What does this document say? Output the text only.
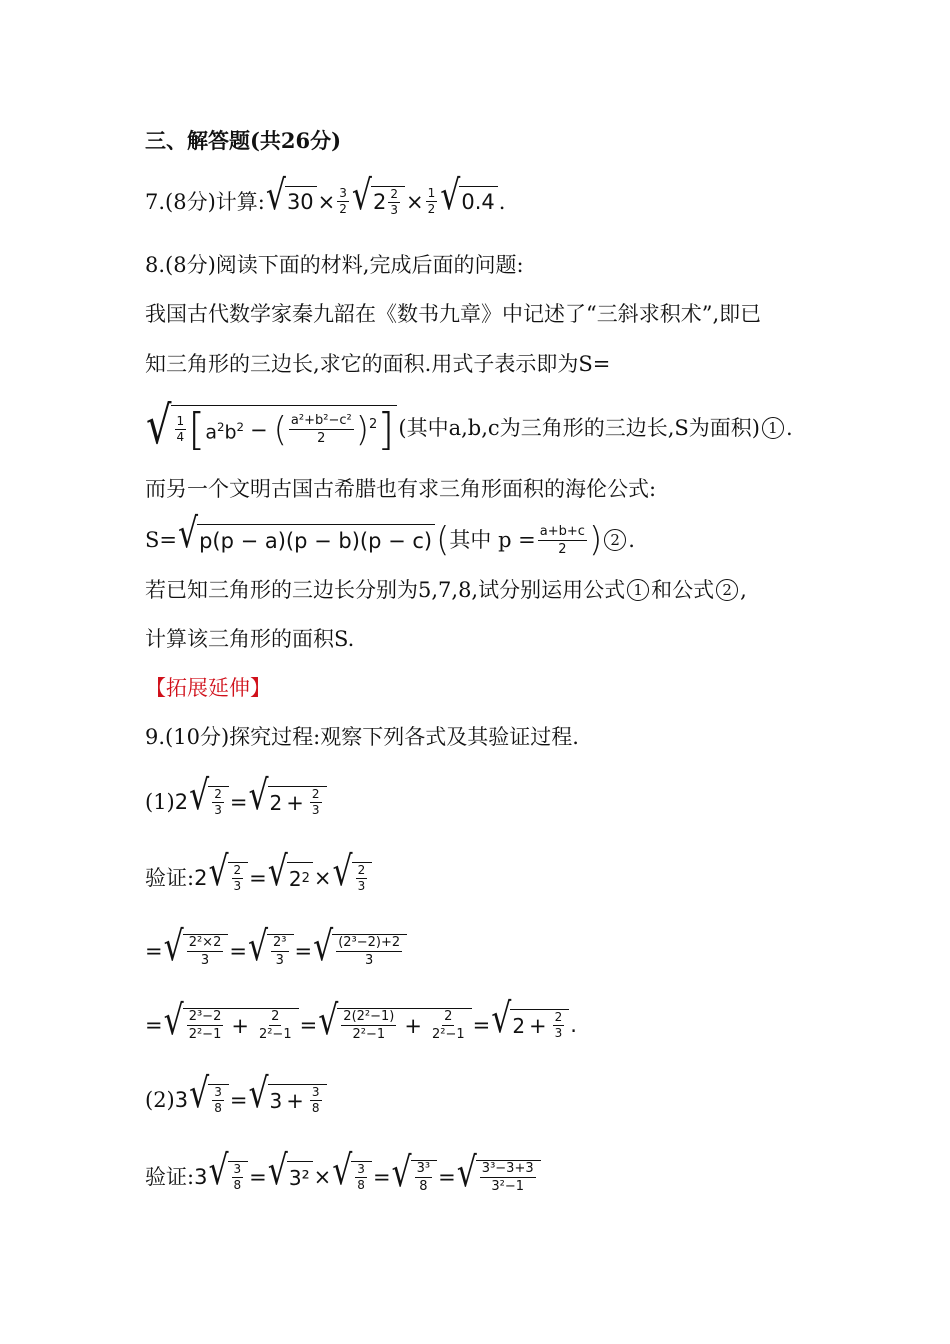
三、解答题(共26分)
7.(8分)计算: √ $30 \times \frac{3}{2}$ √ $2 \frac{2}{3} \times \frac{1}{2}$ √ 0.4 .
8.(8分)阅读下面的材料,完成后面的问题:
我国古代数学家秦九韶在《数书九章》中记述了“三斜求积术”,即已
知三角形的三边长,求它的面积.用式子表示即为S=
√ $\frac{1}{4}$ [ $a^2b^2$ − ( $\frac{\text{a²+b²−c²}}{2}$ ) 2 ] (其中a,b,c为三角形的三边长,S为面积) 1 .
而另一个文明古国古希腊也有求三角形面积的海伦公式:
S= √ p(p − a)(p − b)(p − c) ( 其中 $p = \frac{a+b+c}{2}$ ) 2 .
若已知三角形的三边长分别为5,7,8,试分别运用公式 1 和公式 2 ,
计算该三角形的面积S.
【拓展延伸】
9.(10分)探究过程:观察下列各式及其验证过程.
(1) 2 √ $\frac{2}{3}$ = √ $2 + \frac{2}{3}$
验证: 2 √ $\frac{2}{3}$ = √ 2 2 × √ $\frac{2}{3}$
= √ $\frac{\text{2²×2}}{3}$ = √ $\frac{\text{2³}}{3}$ = √ $\frac{\text{(2³−2)+2}}{3}$
= √ $\frac{\text{2³−2}}{\text{2²−1}} + \frac{2}{\text{2²−1}}$ = √ $\frac{\text{2(2²−1)}}{\text{2²−1}} + \frac{2}{\text{2²−1}}$ = √ $2 + \frac{2}{3}$ .
(2) 3 √ $\frac{3}{8}$ = √ $3 + \frac{3}{8}$
验证: 3 √ $\frac{3}{8}$ = √ 3² × √ $\frac{3}{8}$ = √ $\frac{\text{3³}}{8}$ = √ $\frac{\text{3³−3+3}}{\text{3²−1}}$
